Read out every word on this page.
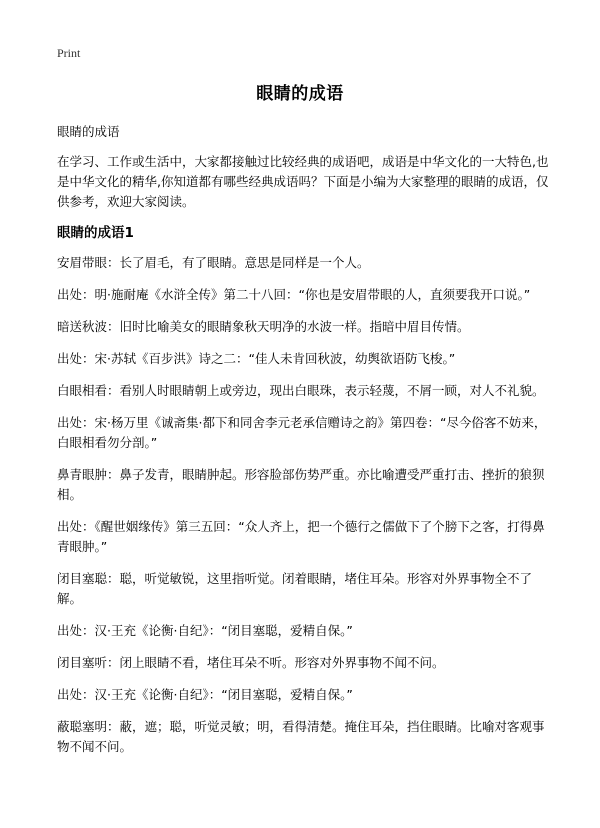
Print
眼睛的成语

眼睛的成语

在学习、工作或生活中，大家都接触过比较经典的成语吧，成语是中华文化的一大特色,也是中华文化的精华,你知道都有哪些经典成语吗？下面是小编为大家整理的眼睛的成语，仅供参考，欢迎大家阅读。

眼睛的成语1

安眉带眼：长了眉毛，有了眼睛。意思是同样是一个人。

出处：明·施耐庵《水浒全传》第二十八回：“你也是安眉带眼的人，直须要我开口说。”

暗送秋波：旧时比喻美女的眼睛象秋天明净的水波一样。指暗中眉目传情。

出处：宋·苏轼《百步洪》诗之二：“佳人未肯回秋波，幼舆欲语防飞梭。”

白眼相看：看别人时眼睛朝上或旁边，现出白眼珠，表示轻蔑，不屑一顾，对人不礼貌。

出处：宋·杨万里《诚斋集·都下和同舍李元老承信赠诗之韵》第四卷：“尽今俗客不妨来，白眼相看勿分剖。”

鼻青眼肿：鼻子发青，眼睛肿起。形容脸部伤势严重。亦比喻遭受严重打击、挫折的狼狈相。

出处：《醒世姻缘传》第三五回：“众人齐上，把一个德行之儒做下了个膀下之客，打得鼻青眼肿。”

闭目塞聪：聪，听觉敏锐，这里指听觉。闭着眼睛，堵住耳朵。形容对外界事物全不了解。

出处：汉·王充《论衡·自纪》：“闭目塞聪，爱精自保。”

闭目塞听：闭上眼睛不看，堵住耳朵不听。形容对外界事物不闻不问。

出处：汉·王充《论衡·自纪》：“闭目塞聪，爱精自保。”

蔽聪塞明：蔽，遮；聪，听觉灵敏；明，看得清楚。掩住耳朵，挡住眼睛。比喻对客观事物不闻不问。
